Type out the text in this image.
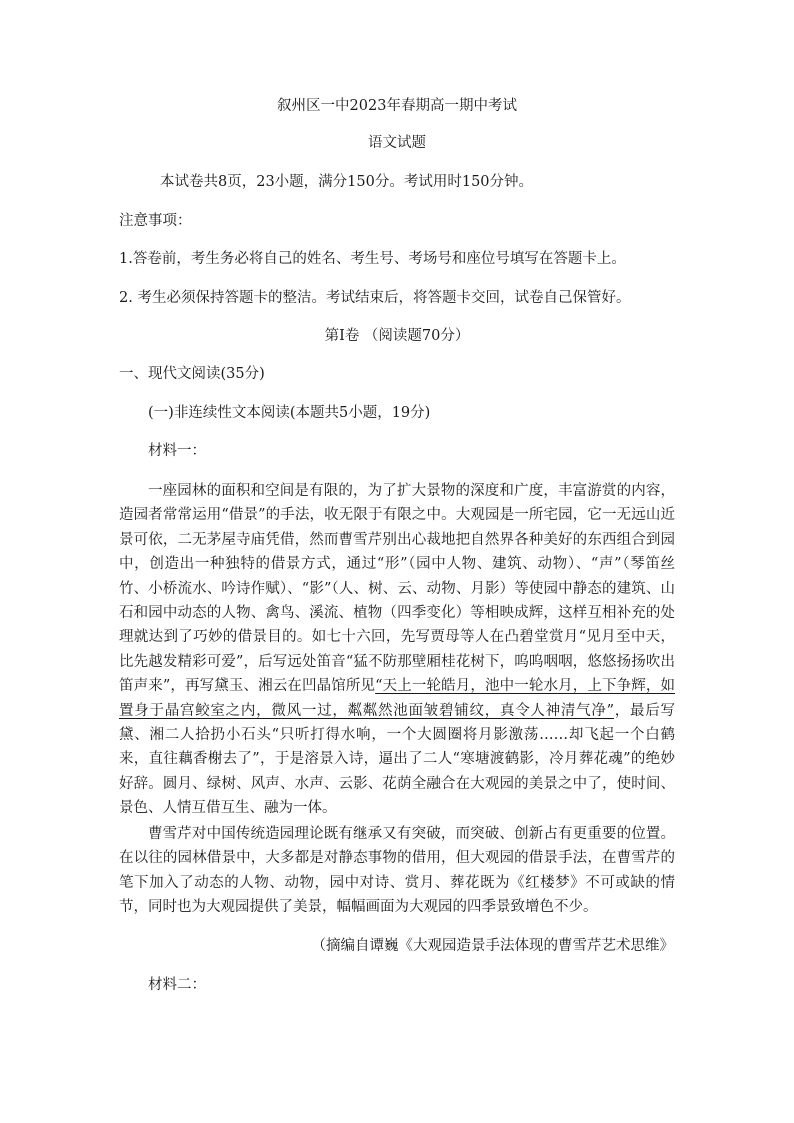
叙州区一中2023年春期高一期中考试

语文试题

本试卷共8页，23小题，满分150分。考试用时150分钟。

注意事项：

1.答卷前，考生务必将自己的姓名、考生号、考场号和座位号填写在答题卡上。

2. 考生必须保持答题卡的整洁。考试结束后，将答题卡交回，试卷自己保管好。

第I卷 （阅读题70分）

一、现代文阅读(35分)

(一)非连续性文本阅读(本题共5小题，19分)

材料一：

一座园林的面积和空间是有限的，为了扩大景物的深度和广度，丰富游赏的内容，造园者常常运用“借景”的手法，收无限于有限之中。大观园是一所宅园，它一无远山近景可依，二无茅屋寺庙凭借，然而曹雪芹别出心裁地把自然界各种美好的东西组合到园中，创造出一种独特的借景方式，通过“形”（园中人物、建筑、动物）、“声”（琴笛丝竹、小桥流水、吟诗作赋）、“影”（人、树、云、动物、月影）等使园中静态的建筑、山石和园中动态的人物、禽鸟、溪流、植物（四季变化）等相映成辉，这样互相补充的处理就达到了巧妙的借景目的。如七十六回，先写贾母等人在凸碧堂赏月“见月至中天，比先越发精彩可爱”，后写远处笛音“猛不防那壁厢桂花树下，呜呜咽咽，悠悠扬扬吹出笛声来”，再写黛玉、湘云在凹晶馆所见“天上一轮皓月，池中一轮水月，上下争辉，如置身于晶宫鲛室之内，微风一过，粼粼然池面皱碧铺纹，真令人神清气净”，最后写黛、湘二人拾扔小石头“只听打得水响，一个大圆圈将月影激荡……却飞起一个白鹤来，直往藕香榭去了”，于是溶景入诗，逼出了二人“寒塘渡鹤影，冷月葬花魂”的绝妙好辞。圆月、绿树、风声、水声、云影、花荫全融合在大观园的美景之中了，使时间、景色、人情互借互生、融为一体。

曹雪芹对中国传统造园理论既有继承又有突破，而突破、创新占有更重要的位置。在以往的园林借景中，大多都是对静态事物的借用，但大观园的借景手法，在曹雪芹的笔下加入了动态的人物、动物，园中对诗、赏月、葬花既为《红楼梦》不可或缺的情节，同时也为大观园提供了美景，幅幅画面为大观园的四季景致增色不少。

（摘编自谭巍《大观园造景手法体现的曹雪芹艺术思维》

材料二：
